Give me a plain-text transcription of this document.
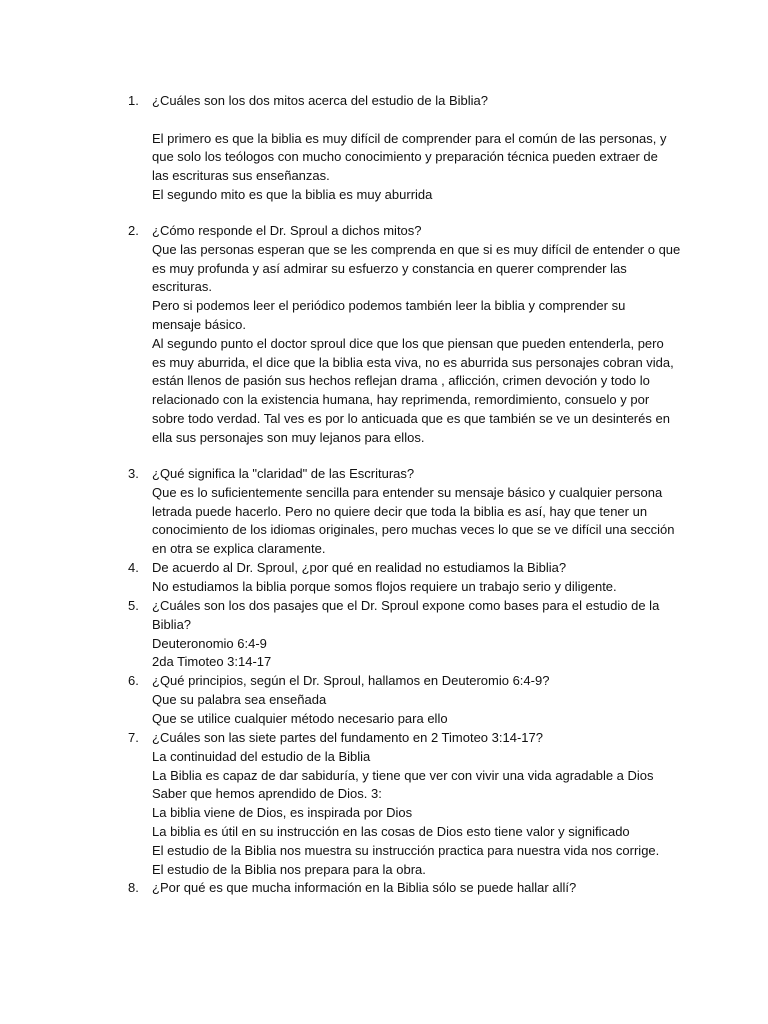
1.	¿Cuáles son los dos mitos acerca del estudio de la Biblia?
El primero es que la biblia es muy difícil de comprender para el común de las personas, y
que solo los teólogos con mucho conocimiento y preparación técnica pueden extraer de
las escrituras sus enseñanzas.
El segundo mito es que la biblia es muy aburrida
2.	¿Cómo responde el Dr. Sproul a dichos mitos?
Que las personas esperan que se les comprenda en que si es muy difícil de entender o que
es muy profunda y así admirar su esfuerzo y constancia en querer comprender las
escrituras.
Pero si podemos leer el periódico podemos también leer la biblia y comprender su
mensaje básico.
Al segundo punto el doctor sproul dice que los que piensan que pueden entenderla, pero
es muy aburrida, el dice que la biblia esta viva, no es aburrida sus personajes cobran vida,
están llenos de pasión sus hechos reflejan drama , aflicción, crimen devoción y todo lo
relacionado con la existencia humana, hay reprimenda, remordimiento, consuelo y por
sobre todo verdad. Tal ves es por lo anticuada que es que también se ve un desinterés en
ella sus personajes son muy lejanos para ellos.
3.	¿Qué significa la "claridad" de las Escrituras?
Que es lo suficientemente sencilla para entender su mensaje básico y cualquier persona
letrada puede hacerlo. Pero no quiere decir que toda la biblia es así, hay que tener un
conocimiento de los idiomas originales, pero muchas veces lo que se ve difícil una sección
en otra se explica claramente.
4.	De acuerdo al Dr. Sproul, ¿por qué en realidad no estudiamos la Biblia?
No estudiamos la biblia porque somos flojos requiere un trabajo serio y diligente.
5.	¿Cuáles son los dos pasajes que el Dr. Sproul expone como bases para el estudio de la
Biblia?
Deuteronomio 6:4-9
2da Timoteo 3:14-17
6.	¿Qué principios, según el Dr. Sproul, hallamos en Deuteromio 6:4-9?
Que su palabra sea enseñada
Que se utilice cualquier método necesario para ello
7.	¿Cuáles son las siete partes del fundamento en 2 Timoteo 3:14-17?
La continuidad del estudio de la Biblia
La Biblia es capaz de dar sabiduría, y tiene que ver con vivir una vida agradable a Dios
Saber que hemos aprendido de Dios. 3:
La biblia viene de Dios, es inspirada por Dios
La biblia es útil en su instrucción en las cosas de Dios esto tiene valor y significado
El estudio de la Biblia nos muestra su instrucción practica para nuestra vida nos corrige.
El estudio de la Biblia nos prepara para la obra.
8.	¿Por qué es que mucha información en la Biblia sólo se puede hallar allí?
